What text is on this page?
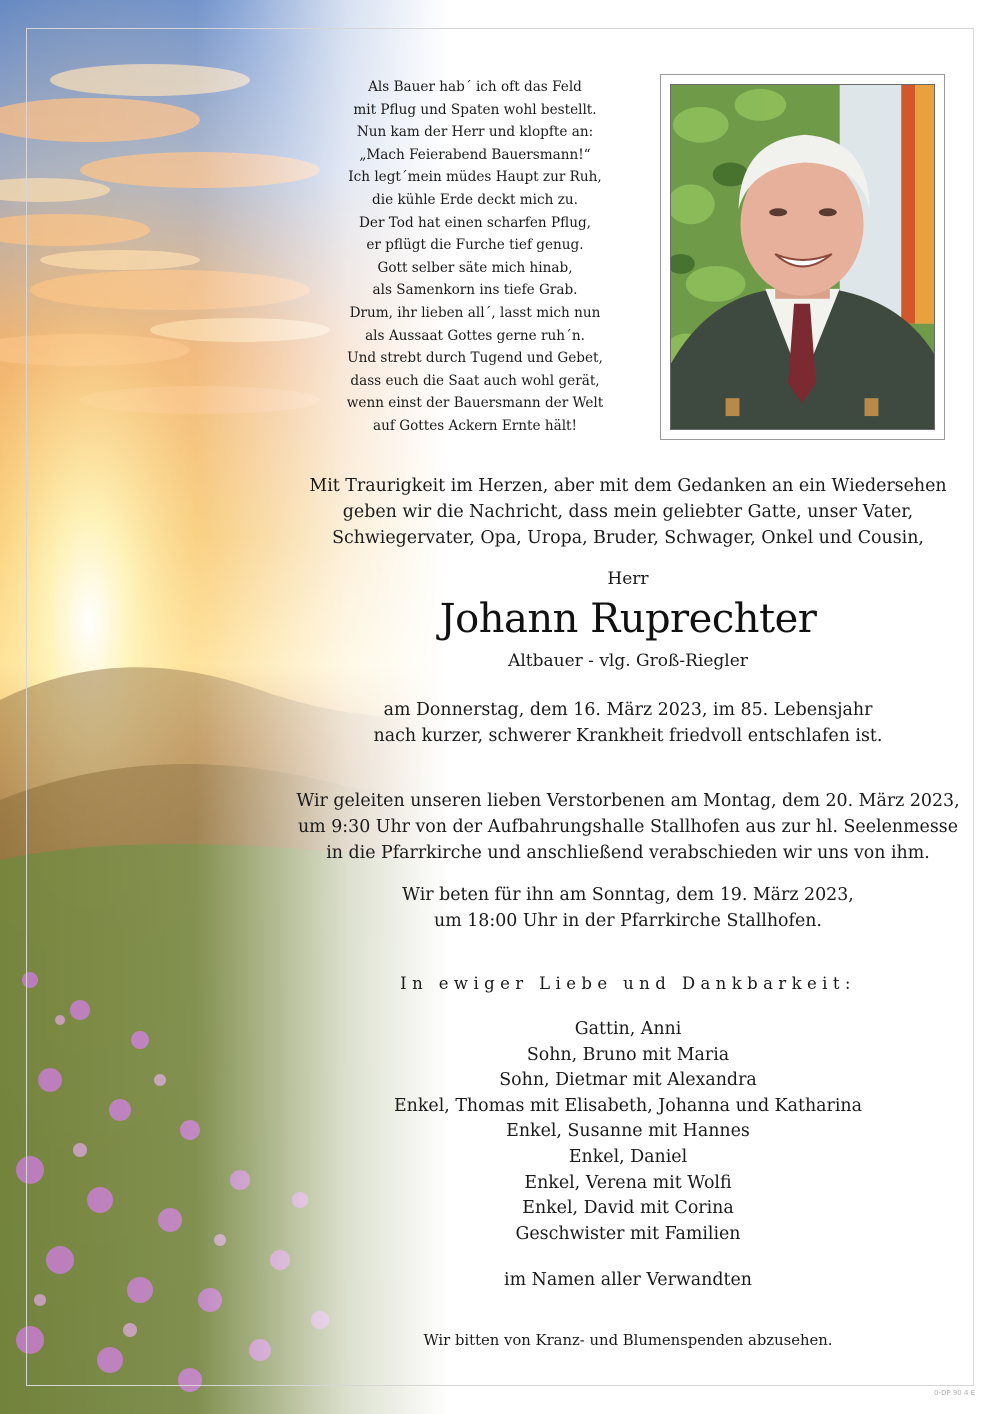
Als Bauer hab´ ich oft das Feld
mit Pflug und Spaten wohl bestellt.
Nun kam der Herr und klopfte an:
„Mach Feierabend Bauersmann!“
Ich legt´mein müdes Haupt zur Ruh,
die kühle Erde deckt mich zu.
Der Tod hat einen scharfen Pflug,
er pflügt die Furche tief genug.
Gott selber säte mich hinab,
als Samenkorn ins tiefe Grab.
Drum, ihr lieben all´, lasst mich nun
als Aussaat Gottes gerne ruh´n.
Und strebt durch Tugend und Gebet,
dass euch die Saat auch wohl gerät,
wenn einst der Bauersmann der Welt
auf Gottes Ackern Ernte hält!
Mit Traurigkeit im Herzen, aber mit dem Gedanken an ein Wiedersehen
geben wir die Nachricht, dass mein geliebter Gatte, unser Vater,
Schwiegervater, Opa, Uropa, Bruder, Schwager, Onkel und Cousin,
Herr
Johann Ruprechter
Altbauer - vlg. Groß-Riegler
am Donnerstag, dem 16. März 2023, im 85. Lebensjahr
nach kurzer, schwerer Krankheit friedvoll entschlafen ist.
Wir geleiten unseren lieben Verstorbenen am Montag, dem 20. März 2023,
um 9:30 Uhr von der Aufbahrungshalle Stallhofen aus zur hl. Seelenmesse
in die Pfarrkirche und anschließend verabschieden wir uns von ihm.
Wir beten für ihn am Sonntag, dem 19. März 2023,
um 18:00 Uhr in der Pfarrkirche Stallhofen.
In ewiger Liebe und Dankbarkeit:
Gattin, Anni
Sohn, Bruno mit Maria
Sohn, Dietmar mit Alexandra
Enkel, Thomas mit Elisabeth, Johanna und Katharina
Enkel, Susanne mit Hannes
Enkel, Daniel
Enkel, Verena mit Wolfi
Enkel, David mit Corina
Geschwister mit Familien
im Namen aller Verwandten
Wir bitten von Kranz- und Blumenspenden abzusehen.
0-DP 90 4 E
